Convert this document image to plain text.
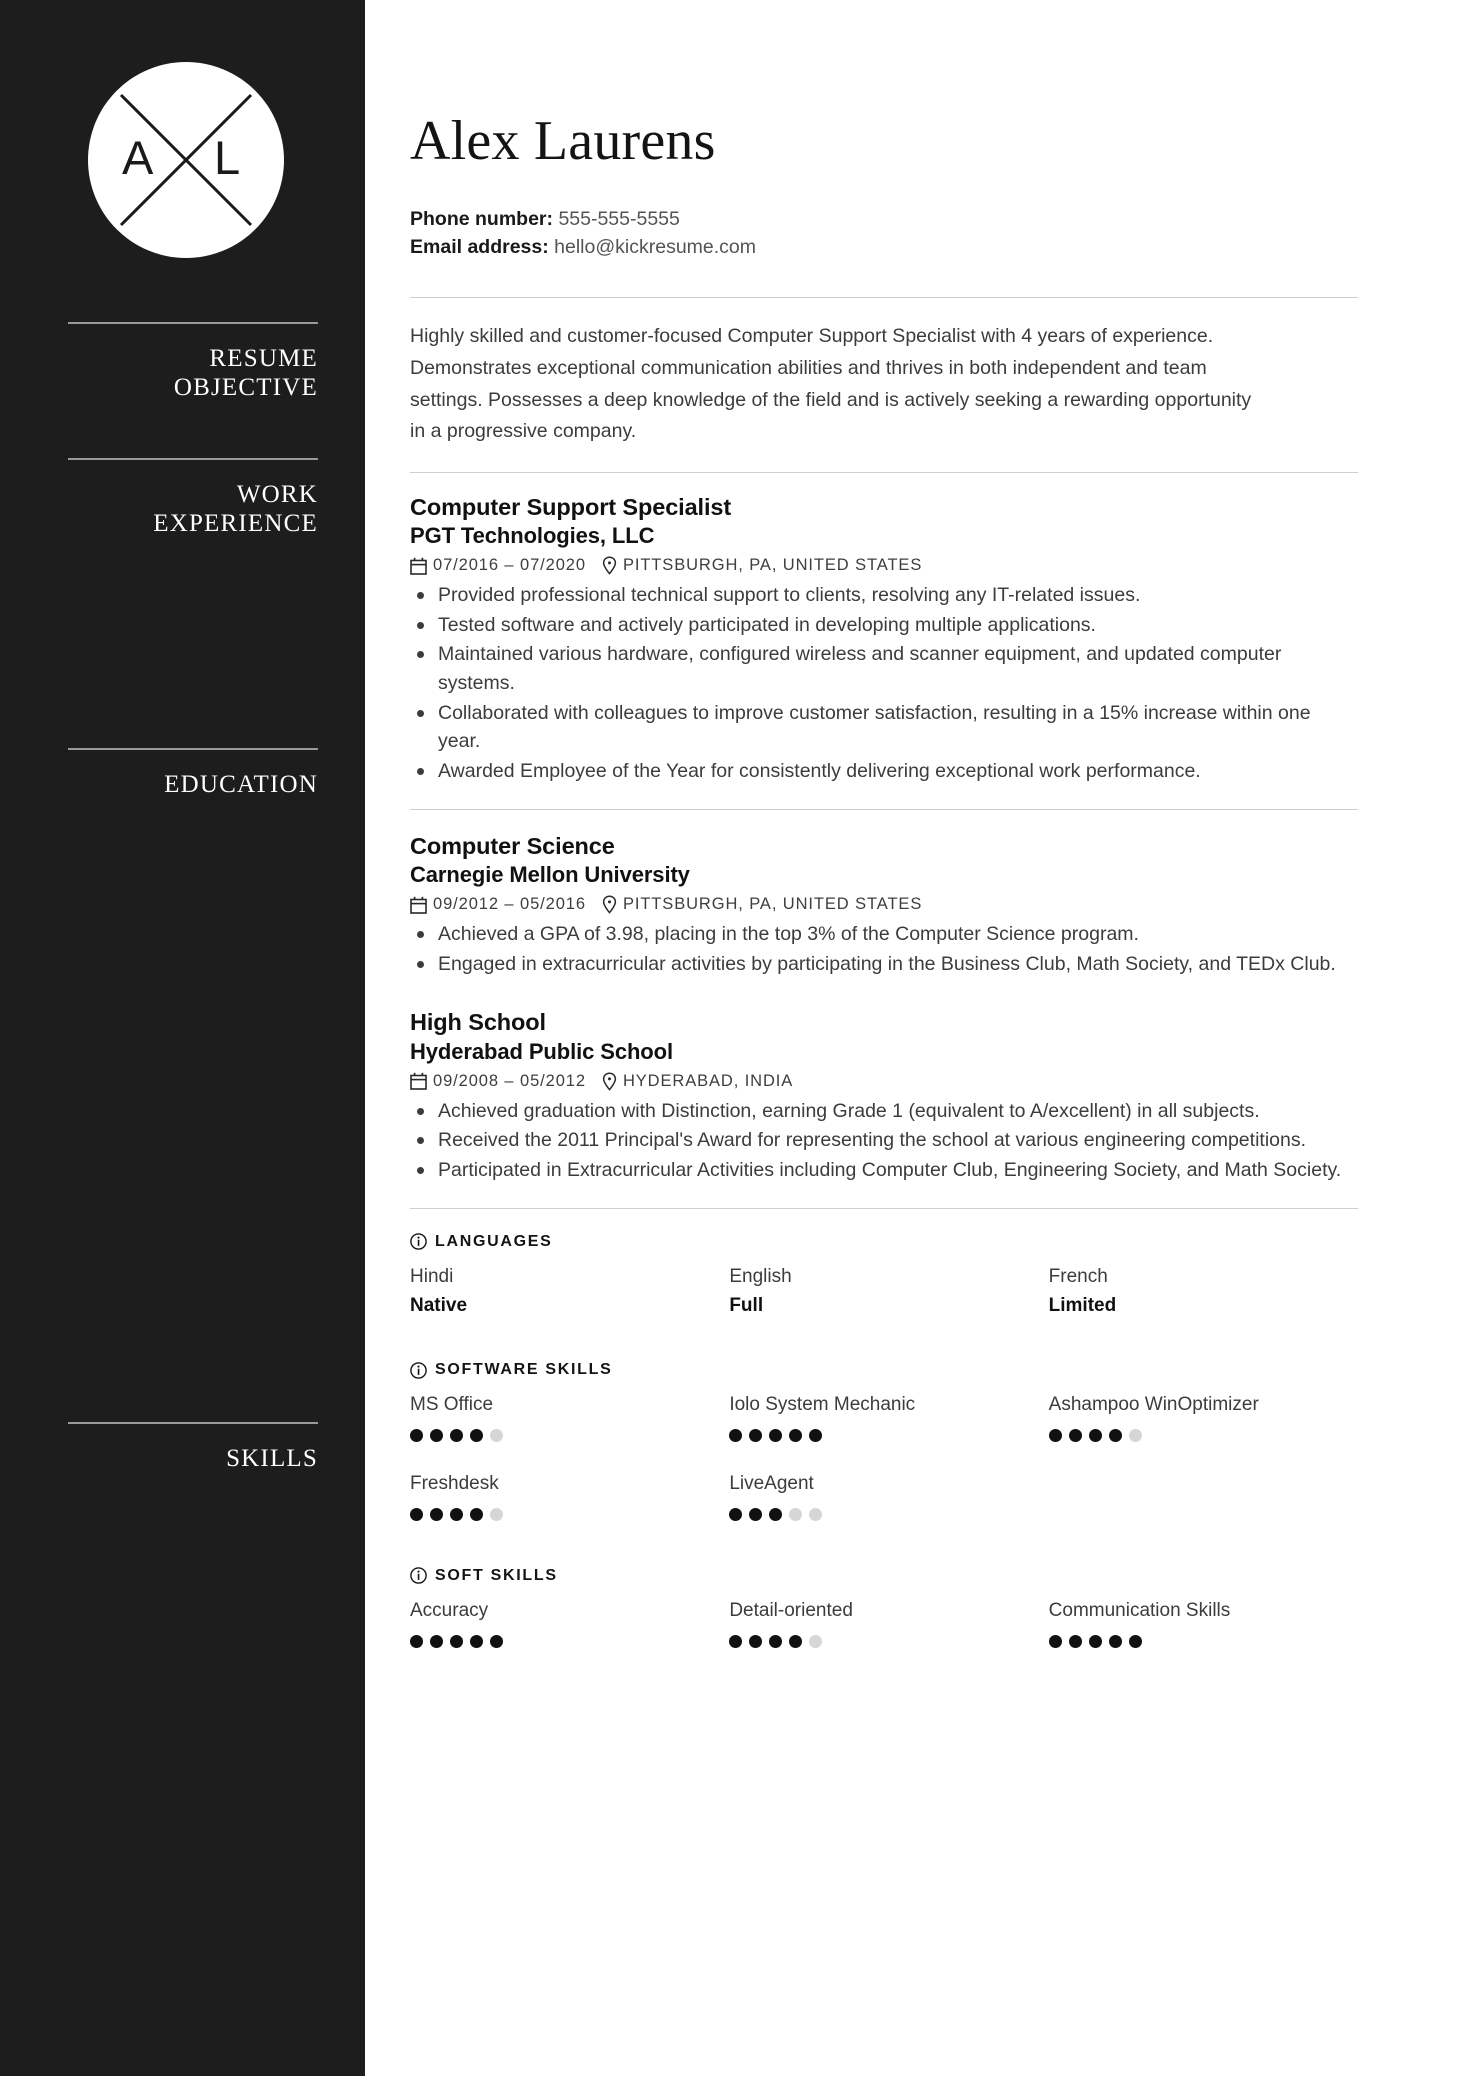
A L
RESUME
OBJECTIVE
WORK
EXPERIENCE
EDUCATION
SKILLS
Alex Laurens
Phone number: 555-555-5555
Email address: hello@kickresume.com

Highly skilled and customer-focused Computer Support Specialist with 4 years of experience. Demonstrates exceptional communication abilities and thrives in both independent and team settings. Possesses a deep knowledge of the field and is actively seeking a rewarding opportunity in a progressive company.

Computer Support Specialist
PGT Technologies, LLC
07/2016 – 07/2020 PITTSBURGH, PA, UNITED STATES
Provided professional technical support to clients, resolving any IT-related issues.
Tested software and actively participated in developing multiple applications.
Maintained various hardware, configured wireless and scanner equipment, and updated computer systems.
Collaborated with colleagues to improve customer satisfaction, resulting in a 15% increase within one year.
Awarded Employee of the Year for consistently delivering exceptional work performance.
Computer Science
Carnegie Mellon University
09/2012 – 05/2016 PITTSBURGH, PA, UNITED STATES
Achieved a GPA of 3.98, placing in the top 3% of the Computer Science program.
Engaged in extracurricular activities by participating in the Business Club, Math Society, and TEDx Club.
High School
Hyderabad Public School
09/2008 – 05/2012 HYDERABAD, INDIA
Achieved graduation with Distinction, earning Grade 1 (equivalent to A/excellent) in all subjects.
Received the 2011 Principal's Award for representing the school at various engineering competitions.
Participated in Extracurricular Activities including Computer Club, Engineering Society, and Math Society.
LANGUAGES
Hindi
Native
English
Full
French
Limited
SOFTWARE SKILLS
MS Office	Iolo System Mechanic	Ashampoo WinOptimizer
Freshdesk	LiveAgent
SOFT SKILLS
Accuracy	Detail-oriented	Communication Skills
